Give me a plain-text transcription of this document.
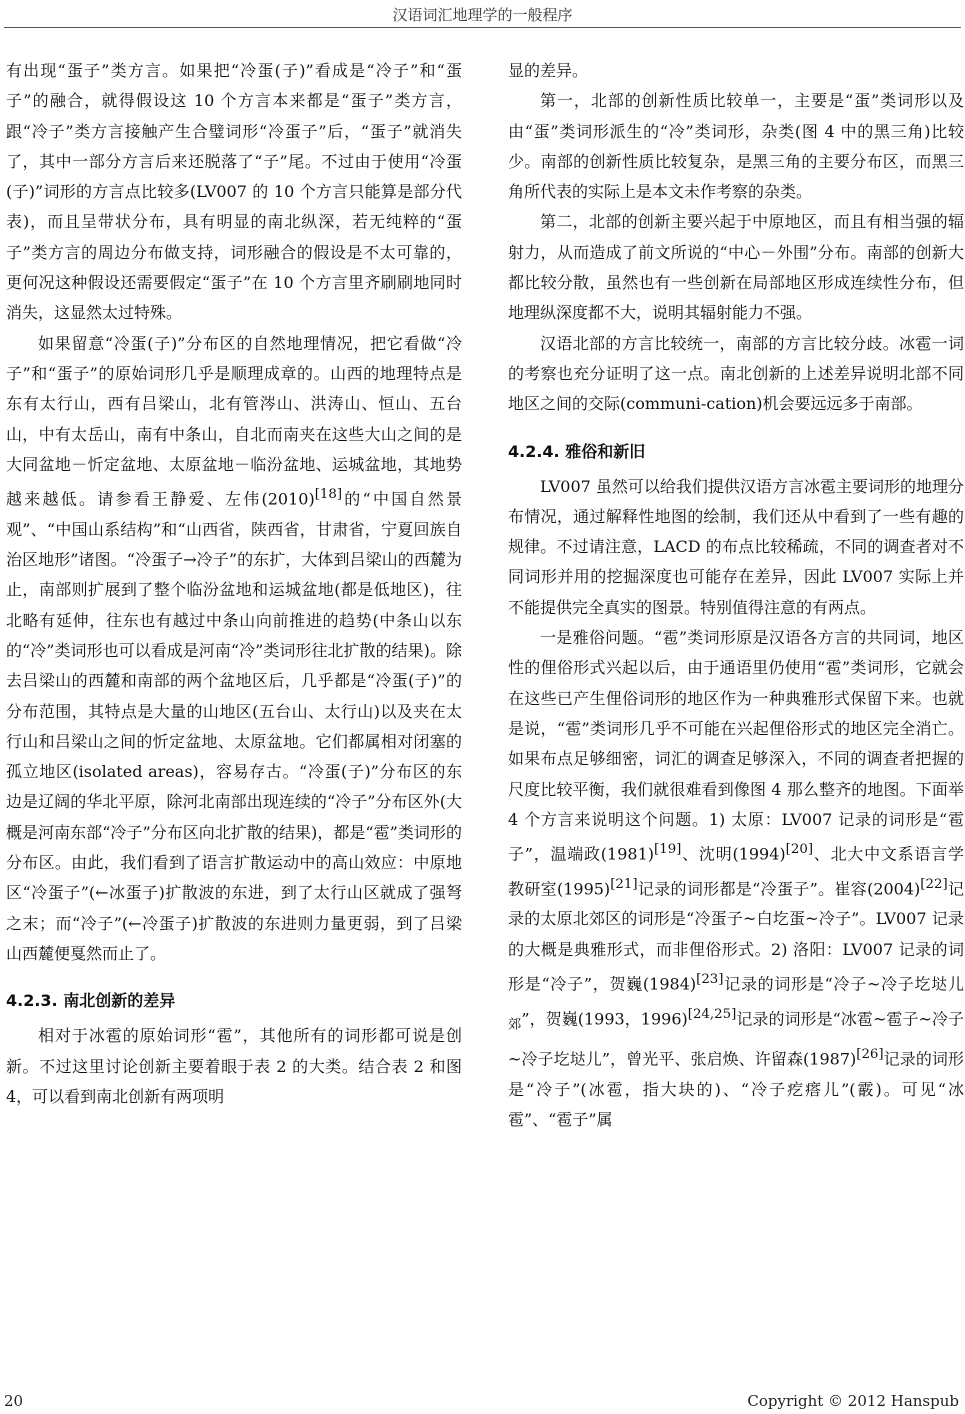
汉语词汇地理学的一般程序

有出现“蛋子”类方言。如果把“冷蛋(子)”看成是“冷子”和“蛋子”的融合，就得假设这 10 个方言本来都是“蛋子”类方言，跟“冷子”类方言接触产生合璧词形“冷蛋子”后，“蛋子”就消失了，其中一部分方言后来还脱落了“子”尾。不过由于使用“冷蛋(子)”词形的方言点比较多(LV007 的 10 个方言只能算是部分代表)，而且呈带状分布，具有明显的南北纵深，若无纯粹的“蛋子”类方言的周边分布做支持，词形融合的假设是不太可靠的，更何况这种假设还需要假定“蛋子”在 10 个方言里齐刷刷地同时消失，这显然太过特殊。

如果留意“冷蛋(子)”分布区的自然地理情况，把它看做“冷子”和“蛋子”的原始词形几乎是顺理成章的。山西的地理特点是东有太行山，西有吕梁山，北有管涔山、洪涛山、恒山、五台山，中有太岳山，南有中条山，自北而南夹在这些大山之间的是大同盆地－忻定盆地、太原盆地－临汾盆地、运城盆地，其地势越来越低。请参看王静爱、左伟(2010)[18]的“中国自然景观”、“中国山系结构”和“山西省，陕西省，甘肃省，宁夏回族自治区地形”诸图。“冷蛋子→冷子”的东扩，大体到吕梁山的西麓为止，南部则扩展到了整个临汾盆地和运城盆地(都是低地区)，往北略有延伸，往东也有越过中条山向前推进的趋势(中条山以东的“冷”类词形也可以看成是河南“冷”类词形往北扩散的结果)。除去吕梁山的西麓和南部的两个盆地区后，几乎都是“冷蛋(子)”的分布范围，其特点是大量的山地区(五台山、太行山)以及夹在太行山和吕梁山之间的忻定盆地、太原盆地。它们都属相对闭塞的孤立地区(isolated areas)，容易存古。“冷蛋(子)”分布区的东边是辽阔的华北平原，除河北南部出现连续的“冷子”分布区外(大概是河南东部“冷子”分布区向北扩散的结果)，都是“雹”类词形的分布区。由此，我们看到了语言扩散运动中的高山效应：中原地区“冷蛋子”(←冰蛋子)扩散波的东进，到了太行山区就成了强弩之末；而“冷子”(←冷蛋子)扩散波的东进则力量更弱，到了吕梁山西麓便戛然而止了。

4.2.3. 南北创新的差异

相对于冰雹的原始词形“雹”，其他所有的词形都可说是创新。不过这里讨论创新主要着眼于表 2 的大类。结合表 2 和图 4，可以看到南北创新有两项明

显的差异。

第一，北部的创新性质比较单一，主要是“蛋”类词形以及由“蛋”类词形派生的“冷”类词形，杂类(图 4 中的黑三角)比较少。南部的创新性质比较复杂，是黑三角的主要分布区，而黑三角所代表的实际上是本文未作考察的杂类。

第二，北部的创新主要兴起于中原地区，而且有相当强的辐射力，从而造成了前文所说的“中心－外围”分布。南部的创新大都比较分散，虽然也有一些创新在局部地区形成连续性分布，但地理纵深度都不大，说明其辐射能力不强。

汉语北部的方言比较统一，南部的方言比较分歧。冰雹一词的考察也充分证明了这一点。南北创新的上述差异说明北部不同地区之间的交际(communi-cation)机会要远远多于南部。

4.2.4. 雅俗和新旧

LV007 虽然可以给我们提供汉语方言冰雹主要词形的地理分布情况，通过解释性地图的绘制，我们还从中看到了一些有趣的规律。不过请注意，LACD 的布点比较稀疏，不同的调查者对不同词形并用的挖掘深度也可能存在差异，因此 LV007 实际上并不能提供完全真实的图景。特别值得注意的有两点。

一是雅俗问题。“雹”类词形原是汉语各方言的共同词，地区性的俚俗形式兴起以后，由于通语里仍使用“雹”类词形，它就会在这些已产生俚俗词形的地区作为一种典雅形式保留下来。也就是说，“雹”类词形几乎不可能在兴起俚俗形式的地区完全消亡。如果布点足够细密，词汇的调查足够深入，不同的调查者把握的尺度比较平衡，我们就很难看到像图 4 那么整齐的地图。下面举 4 个方言来说明这个问题。1) 太原：LV007 记录的词形是“雹子”，温端政(1981)[19]、沈明(1994)[20]、北大中文系语言学教研室(1995)[21]记录的词形都是“冷蛋子”。崔容(2004)[22]记录的太原北郊区的词形是“冷蛋子~白圪蛋~冷子”。LV007 记录的大概是典雅形式，而非俚俗形式。2) 洛阳：LV007 记录的词形是“冷子”，贺巍(1984)[23]记录的词形是“冷子~冷子圪垯儿$_郊$”，贺巍(1993，1996)[24,25]记录的词形是“冰雹~雹子~冷子~冷子圪垯儿”，曾光平、张启焕、许留森(1987)[26]记录的词形是“冷子”(冰雹，指大块的)、“冷子疙瘩儿”(霰)。可见“冰雹”、“雹子”属

20	Copyright © 2012 Hanspub
